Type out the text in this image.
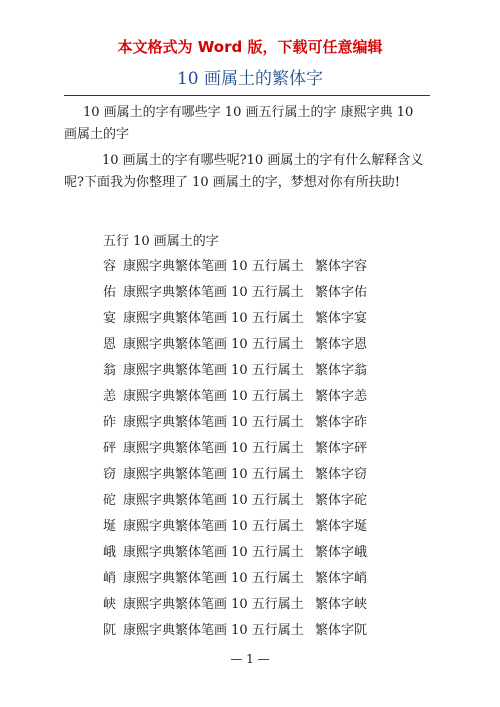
本文格式为 Word 版，下载可任意编辑
10 画属土的繁体字
10 画属土的字有哪些字 10 画五行属土的字 康熙字典 10 画属土的字
10 画属土的字有哪些呢?10 画属土的字有什么解释含义呢?下面我为你整理了 10 画属土的字，梦想对你有所扶助!
五行 10 画属土的字
容 康熙字典繁体笔画 10 五行属土 繁体字容
佑 康熙字典繁体笔画 10 五行属土 繁体字佑
宴 康熙字典繁体笔画 10 五行属土 繁体字宴
恩 康熙字典繁体笔画 10 五行属土 繁体字恩
翁 康熙字典繁体笔画 10 五行属土 繁体字翁
恙 康熙字典繁体笔画 10 五行属土 繁体字恙
砟 康熙字典繁体笔画 10 五行属土 繁体字砟
砰 康熙字典繁体笔画 10 五行属土 繁体字砰
窃 康熙字典繁体笔画 10 五行属土 繁体字窃
砣 康熙字典繁体笔画 10 五行属土 繁体字砣
埏 康熙字典繁体笔画 10 五行属土 繁体字埏
峨 康熙字典繁体笔画 10 五行属土 繁体字峨
峭 康熙字典繁体笔画 10 五行属土 繁体字峭
峡 康熙字典繁体笔画 10 五行属土 繁体字峡
阢 康熙字典繁体笔画 10 五行属土 繁体字阢
— 1 —
